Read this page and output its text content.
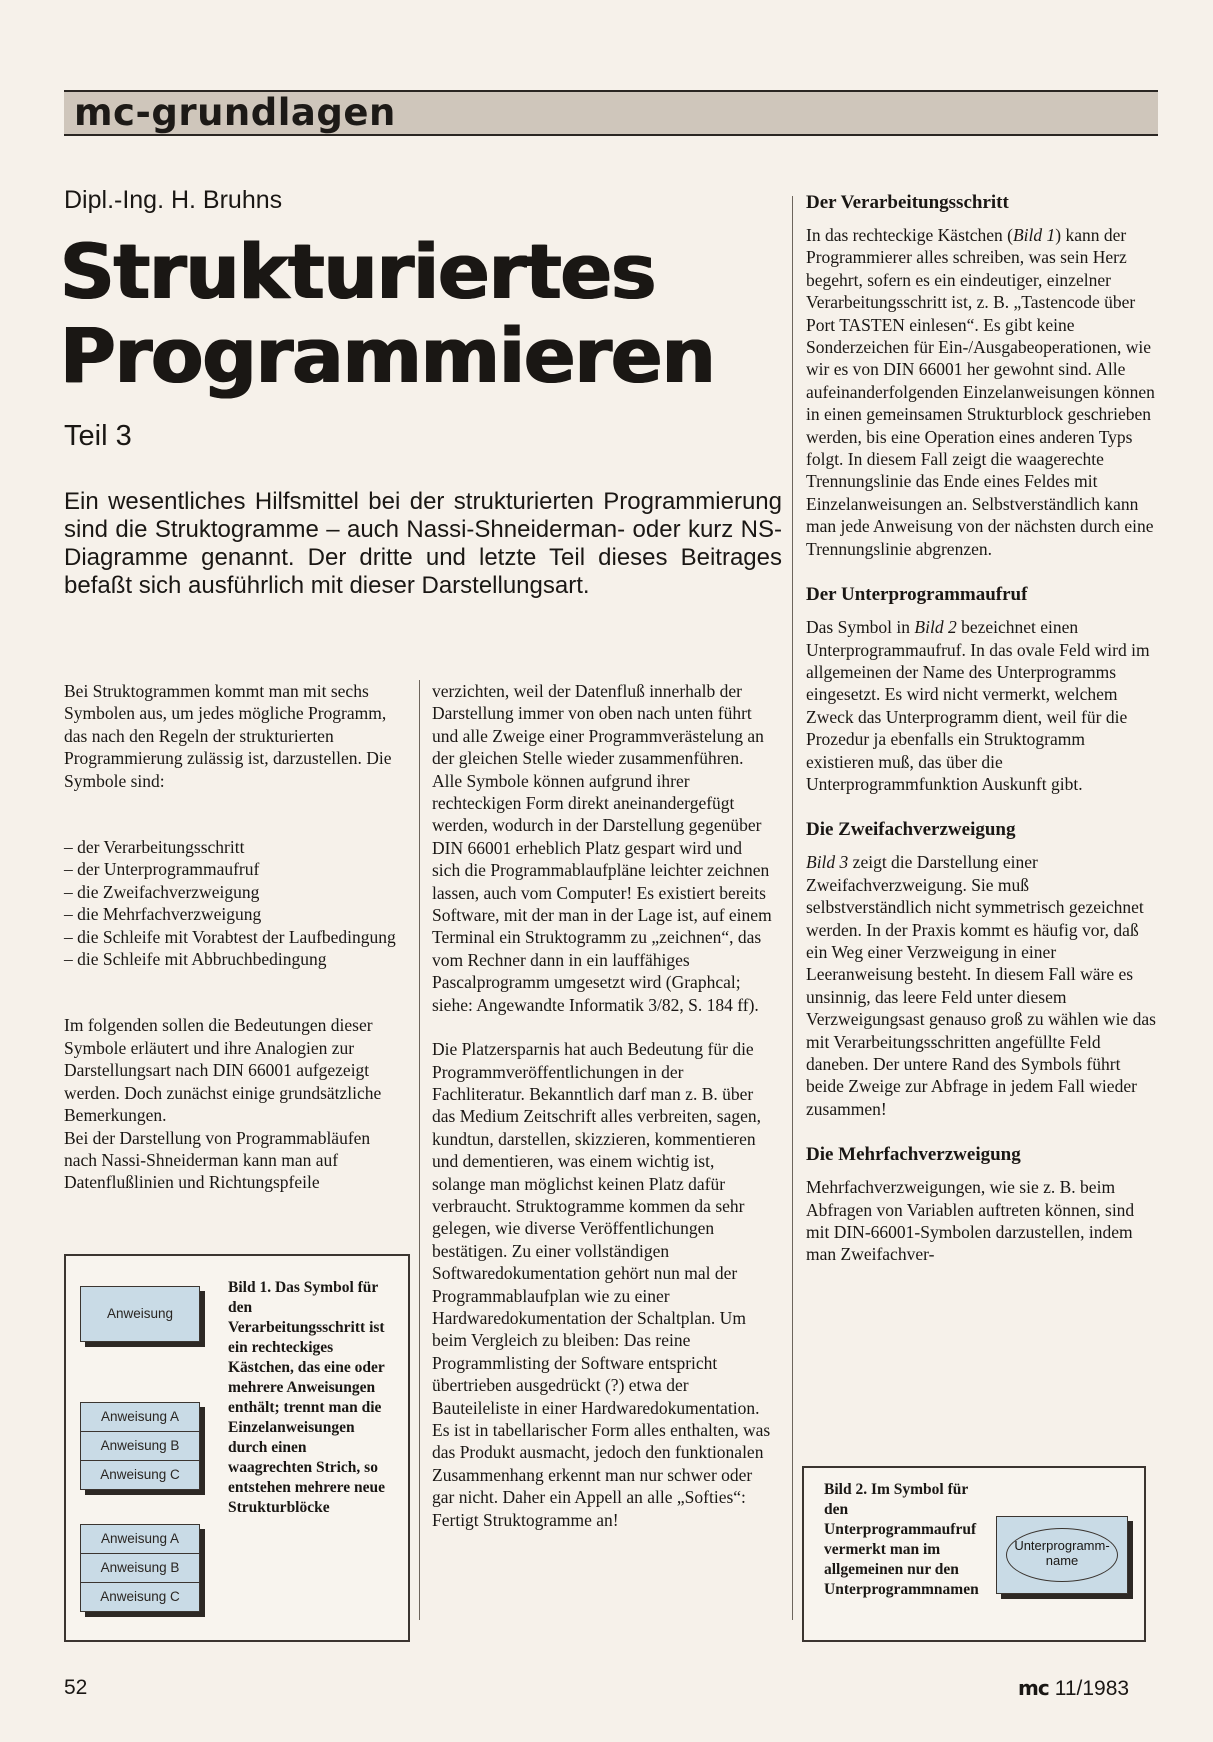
mc-grundlagen
Dipl.-Ing. H. Bruhns
Strukturiertes
Programmieren
Teil 3
Ein wesentliches Hilfsmittel bei der strukturierten Programmierung sind die Struktogramme – auch Nassi-Shneiderman- oder kurz NS-Diagramme genannt. Der dritte und letzte Teil dieses Beitrages befaßt sich ausführlich mit dieser Darstellungsart.

Bei Struktogrammen kommt man mit sechs Symbolen aus, um jedes mögliche Programm, das nach den Regeln der strukturierten Programmierung zulässig ist, darzustellen. Die Symbole sind:

– der Verarbeitungsschritt
– der Unterprogrammaufruf
– die Zweifachverzweigung
– die Mehrfachverzweigung
– die Schleife mit Vorabtest der Laufbedingung
– die Schleife mit Abbruchbedingung

Im folgenden sollen die Bedeutungen dieser Symbole erläutert und ihre Analogien zur Darstellungsart nach DIN 66001 aufgezeigt werden. Doch zunächst einige grundsätzliche Bemerkungen.

Bei der Darstellung von Programmabläufen nach Nassi-Shneiderman kann man auf Datenflußlinien und Richtungspfeile

verzichten, weil der Datenfluß innerhalb der Darstellung immer von oben nach unten führt und alle Zweige einer Programmverästelung an der gleichen Stelle wieder zusammenführen. Alle Symbole können aufgrund ihrer rechteckigen Form direkt aneinandergefügt werden, wodurch in der Darstellung gegenüber DIN 66001 erheblich Platz gespart wird und sich die Programmablaufpläne leichter zeichnen lassen, auch vom Computer! Es existiert bereits Software, mit der man in der Lage ist, auf einem Terminal ein Struktogramm zu „zeichnen“, das vom Rechner dann in ein lauffähiges Pascalprogramm umgesetzt wird (Graphcal; siehe: Angewandte Informatik 3/82, S. 184 ff).

Die Platzersparnis hat auch Bedeutung für die Programmveröffentlichungen in der Fachliteratur. Bekanntlich darf man z. B. über das Medium Zeitschrift alles verbreiten, sagen, kundtun, darstellen, skizzieren, kommentieren und dementieren, was einem wichtig ist, solange man möglichst keinen Platz dafür verbraucht. Struktogramme kommen da sehr gelegen, wie diverse Veröffentlichungen bestätigen. Zu einer vollständigen Softwaredokumentation gehört nun mal der Programmablaufplan wie zu einer Hardwaredokumentation der Schaltplan. Um beim Vergleich zu bleiben: Das reine Programmlisting der Software entspricht übertrieben ausgedrückt (?) etwa der Bauteileliste in einer Hardwaredokumentation. Es ist in tabellarischer Form alles enthalten, was das Produkt ausmacht, jedoch den funktionalen Zusammenhang erkennt man nur schwer oder gar nicht. Daher ein Appell an alle „Softies“: Fertigt Struktogramme an!

Der Verarbeitungsschritt

In das rechteckige Kästchen (Bild 1) kann der Programmierer alles schreiben, was sein Herz begehrt, sofern es ein eindeutiger, einzelner Verarbeitungsschritt ist, z. B. „Tastencode über Port TASTEN einlesen“. Es gibt keine Sonderzeichen für Ein-/Ausgabeoperationen, wie wir es von DIN 66001 her gewohnt sind. Alle aufeinanderfolgenden Einzelanweisungen können in einen gemeinsamen Strukturblock geschrieben werden, bis eine Operation eines anderen Typs folgt. In diesem Fall zeigt die waagerechte Trennungslinie das Ende eines Feldes mit Einzelanweisungen an. Selbstverständlich kann man jede Anweisung von der nächsten durch eine Trennungslinie abgrenzen.

Der Unterprogrammaufruf

Das Symbol in Bild 2 bezeichnet einen Unterprogrammaufruf. In das ovale Feld wird im allgemeinen der Name des Unterprogramms eingesetzt. Es wird nicht vermerkt, welchem Zweck das Unterprogramm dient, weil für die Prozedur ja ebenfalls ein Struktogramm existieren muß, das über die Unterprogrammfunktion Auskunft gibt.

Die Zweifachverzweigung

Bild 3 zeigt die Darstellung einer Zweifachverzweigung. Sie muß selbstverständlich nicht symmetrisch gezeichnet werden. In der Praxis kommt es häufig vor, daß ein Weg einer Verzweigung in einer Leeranweisung besteht. In diesem Fall wäre es unsinnig, das leere Feld unter diesem Verzweigungsast genauso groß zu wählen wie das mit Verarbeitungsschritten angefüllte Feld daneben. Der untere Rand des Symbols führt beide Zweige zur Abfrage in jedem Fall wieder zusammen!

Die Mehrfachverzweigung

Mehrfachverzweigungen, wie sie z. B. beim Abfragen von Variablen auftreten können, sind mit DIN-66001-Symbolen darzustellen, indem man Zweifachver-

Anweisung
Anweisung A
Anweisung B
Anweisung C
Anweisung A
Anweisung B
Anweisung C
Bild 1. Das Symbol für den Verarbeitungsschritt ist ein rechteckiges Kästchen, das eine oder mehrere Anweisungen enthält; trennt man die Einzelanweisungen durch einen waagrechten Strich, so entstehen mehrere neue Strukturblöcke
Bild 2. Im Symbol für den Unterprogrammaufruf vermerkt man im allgemeinen nur den Unterprogrammnamen
Unterprogramm-
name
52	mc 11/1983
